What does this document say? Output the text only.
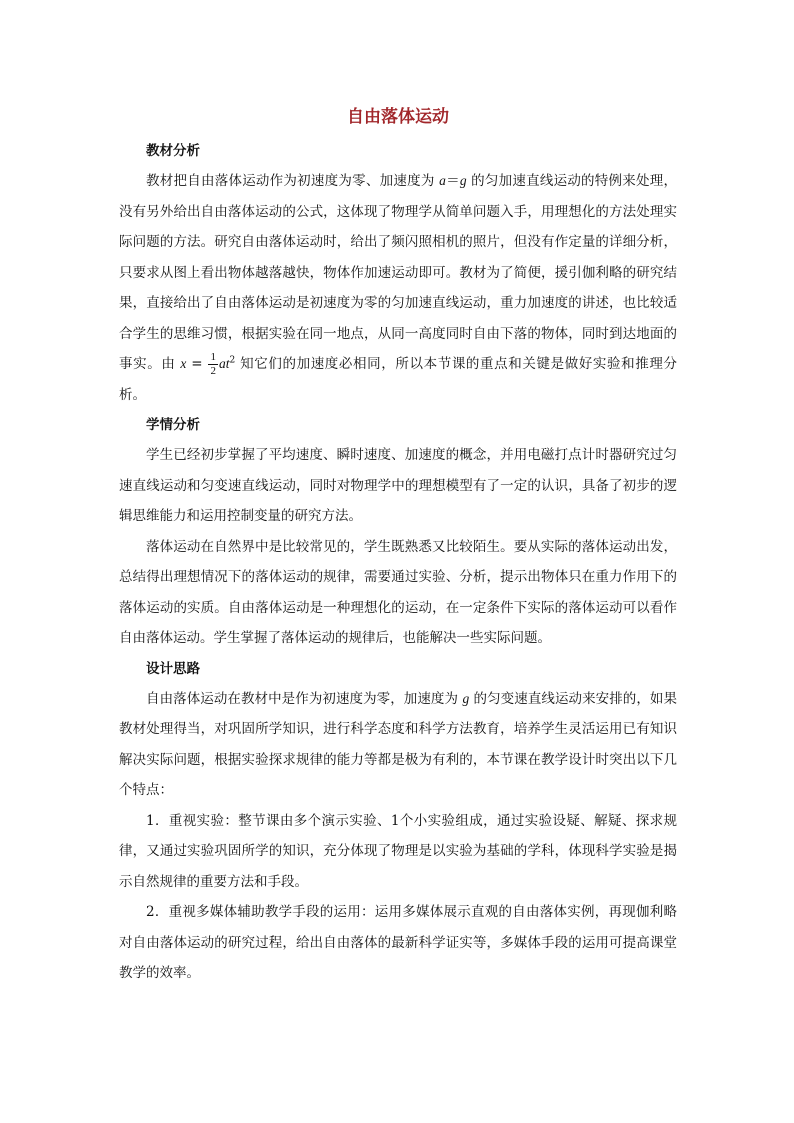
自由落体运动
教材分析

教材把自由落体运动作为初速度为零、加速度为 a＝g 的匀加速直线运动的特例来处理，没有另外给出自由落体运动的公式，这体现了物理学从简单问题入手，用理想化的方法处理实际问题的方法。研究自由落体运动时，给出了频闪照相机的照片，但没有作定量的详细分析，只要求从图上看出物体越落越快，物体作加速运动即可。教材为了简便，援引伽利略的研究结果，直接给出了自由落体运动是初速度为零的匀加速直线运动，重力加速度的讲述，也比较适合学生的思维习惯，根据实验在同一地点，从同一高度同时自由下落的物体，同时到达地面的事实。由 $x = \frac{1}{2} at^2$ 知它们的加速度必相同，所以本节课的重点和关键是做好实验和推理分析。

学情分析

学生已经初步掌握了平均速度、瞬时速度、加速度的概念，并用电磁打点计时器研究过匀速直线运动和匀变速直线运动，同时对物理学中的理想模型有了一定的认识，具备了初步的逻辑思维能力和运用控制变量的研究方法。

落体运动在自然界中是比较常见的，学生既熟悉又比较陌生。要从实际的落体运动出发，总结得出理想情况下的落体运动的规律，需要通过实验、分析，提示出物体只在重力作用下的落体运动的实质。自由落体运动是一种理想化的运动，在一定条件下实际的落体运动可以看作自由落体运动。学生掌握了落体运动的规律后，也能解决一些实际问题。

设计思路

自由落体运动在教材中是作为初速度为零，加速度为 g 的匀变速直线运动来安排的，如果教材处理得当，对巩固所学知识，进行科学态度和科学方法教育，培养学生灵活运用已有知识解决实际问题，根据实验探求规律的能力等都是极为有利的，本节课在教学设计时突出以下几个特点：

1．重视实验：整节课由多个演示实验、1个小实验组成，通过实验设疑、解疑、探求规律，又通过实验巩固所学的知识，充分体现了物理是以实验为基础的学科，体现科学实验是揭示自然规律的重要方法和手段。

2．重视多媒体辅助教学手段的运用：运用多媒体展示直观的自由落体实例，再现伽利略对自由落体运动的研究过程，给出自由落体的最新科学证实等，多媒体手段的运用可提高课堂教学的效率。
